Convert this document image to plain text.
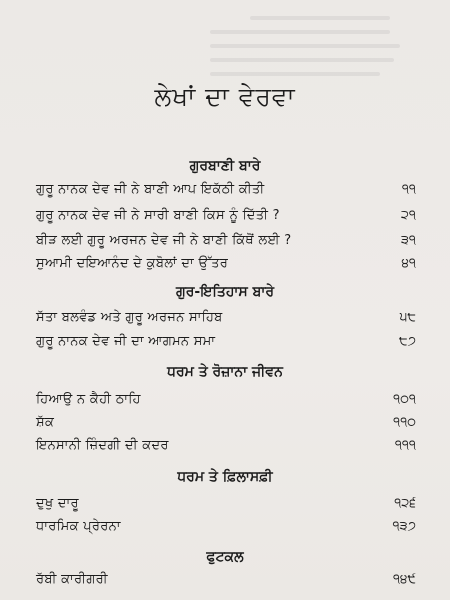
ਲੇਖਾਂ ਦਾ ਵੇਰਵਾ
ਗੁਰਬਾਣੀ ਬਾਰੇ
ਗੁਰੂ ਨਾਨਕ ਦੇਵ ਜੀ ਨੇ ਬਾਣੀ ਆਪ ਇਕੱਠੀ ਕੀਤੀ	੧੧
ਗੁਰੂ ਨਾਨਕ ਦੇਵ ਜੀ ਨੇ ਸਾਰੀ ਬਾਣੀ ਕਿਸ ਨੂੰ ਦਿੱਤੀ ?	੨੧
ਬੀੜ ਲਈ ਗੁਰੂ ਅਰਜਨ ਦੇਵ ਜੀ ਨੇ ਬਾਣੀ ਕਿੱਥੋਂ ਲਈ ?	੩੧
ਸੁਆਮੀ ਦਇਆਨੰਦ ਦੇ ਕੁਬੋਲਾਂ ਦਾ ਉੱਤਰ	੪੧
ਗੁਰ-ਇਤਿਹਾਸ ਬਾਰੇ
ਸੱਤਾ ਬਲਵੰਡ ਅਤੇ ਗੁਰੂ ਅਰਜਨ ਸਾਹਿਬ	੫੮
ਗੁਰੂ ਨਾਨਕ ਦੇਵ ਜੀ ਦਾ ਆਗਮਨ ਸਮਾ	੮੭
ਧਰਮ ਤੇ ਰੋਜ਼ਾਨਾ ਜੀਵਨ
ਹਿਆਉ ਨ ਕੈਹੀ ਠਾਹਿ	੧੦੧
ਸ਼ੱਕ	੧੧੦
ਇਨਸਾਨੀ ਜ਼ਿੰਦਗੀ ਦੀ ਕਦਰ	੧੧੧
ਧਰਮ ਤੇ ਫ਼ਿਲਾਸਫ਼ੀ
ਦੁਖੁ ਦਾਰੂ	੧੨੬
ਧਾਰਮਿਕ ਪ੍ਰੇਰਨਾ	੧੩੭
ਫੁਟਕਲ
ਰੱਬੀ ਕਾਰੀਗਰੀ	੧੪੯
